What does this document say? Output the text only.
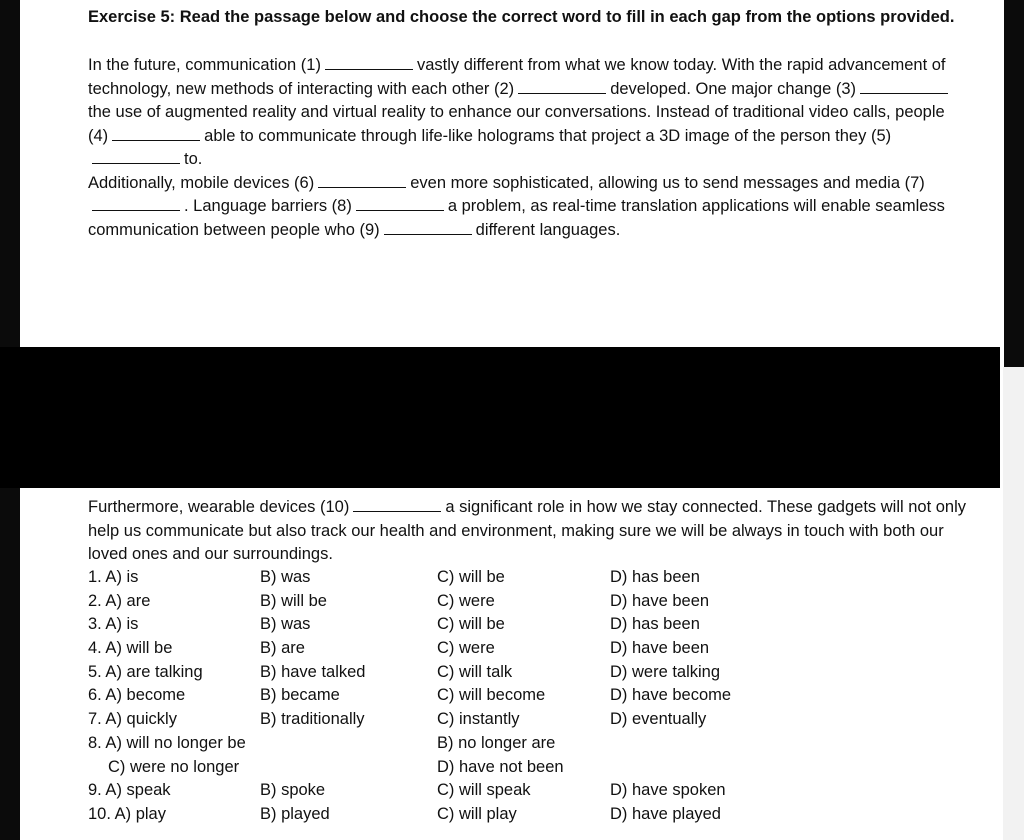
Exercise 5: Read the passage below and choose the correct word to fill in each gap from the options provided.
In the future, communication (1)	vastly different from what we know today. With the rapid advancement of technology, new methods of interacting with each other (2)	developed. One major change (3)the use of augmented reality and virtual reality to enhance our conversations. Instead of traditional video calls, people (4)	able to communicate through life-like holograms that project a 3D image of the person they (5)to.
Additionally, mobile devices (6)	even more sophisticated, allowing us to send messages and media (7). Language barriers (8)	a problem, as real-time translation applications will enable seamless communication between people who (9)	different languages.
Furthermore, wearable devices (10)	a significant role in how we stay connected. These gadgets will not only help us communicate but also track our health and environment, making sure we will be always in touch with both our loved ones and our surroundings.
1. A) is	B) was	C) will be	D) has been
2. A) are	B) will be	C) were	D) have been
3. A) is	B) was	C) will be	D) has been
4. A) will be	B) are	C) were	D) have been
5. A) are talking	B) have talked	C) will talk	D) were talking
6. A) become	B) became	C) will become	D) have become
7. A) quickly	B) traditionally	C) instantly	D) eventually
8. A) will no longer be	B) no longer are
C) were no longer	D) have not been
9. A) speak	B) spoke	C) will speak	D) have spoken
10. A) play	B) played	C) will play	D) have played
